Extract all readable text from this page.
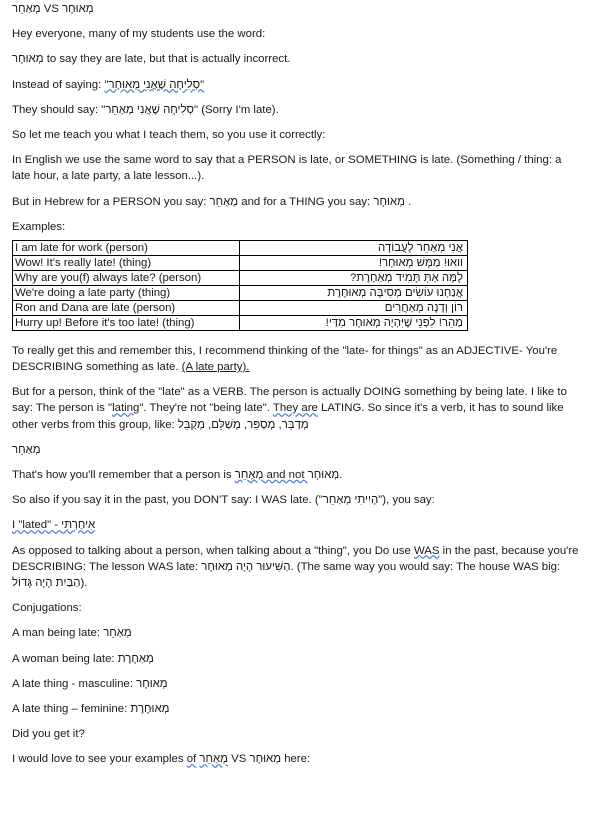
מְאַחֵר VS מְאוּחָר
Hey everyone, many of my students use the word:
מְאוּחָר to say they are late, but that is actually incorrect.
Instead of saying: "סְלִיחָה שֶׁאֲנִי מְאוּחָר"
They should say: "סְלִיחָה שֶׁאֲנִי מְאַחֵר" (Sorry I'm late).
So let me teach you what I teach them, so you use it correctly:
In English we use the same word to say that a PERSON is late, or SOMETHING is late. (Something / thing: a late hour, a late party, a late lesson...).
But in Hebrew for a PERSON you say: מְאַחֵר and for a THING you say: מְאוּחָר .
Examples:
I am late for work (person)	אֲנִי מְאַחֵר לָעֲבוֹדָה
Wow! It's really late! (thing)	וואוּ! מַמָּשׁ מְאוּחָר!
Why are you(f) always late? (person)	לָמָּה אַתְּ תָּמִיד מְאַחֶרֶת?
We're doing a late party (thing)	אֲנַחְנוּ עוֹשִׂים מְסִיבָּה מְאוּחֶרֶת
Ron and Dana are late (person)	רוֹן וְדָנָה מְאַחֲרִים
Hurry up! Before it's too late! (thing)	מַהֵר! לִפְנֵי שֶׁיִּהְיֶה מְאוּחָר מִדַּי!
To really get this and remember this, I recommend thinking of the "late- for things" as an ADJECTIVE- You're DESCRIBING something as late. (A late party).
But for a person, think of the "late" as a VERB. The person is actually DOING something by being late. I like to say: The person is "lating". They're not "being late". They are LATING. So since it's a verb, it has to sound like other verbs from this group, like: מְדַבֵּר, מְסַפֵּר, מְשַׁלֵּם, מְקַבֵּל
מְאַחֵר
That's how you'll remember that a person is מְאַחֵר and not מְאוּחָר.
So also if you say it in the past, you DON'T say: I WAS late. ("הָיִיתִי מְאַחֵר"), you say:
I "lated" - אִיחַרְתִּי
As opposed to talking about a person, when talking about a "thing", you Do use WAS in the past, because you're DESCRIBING: The lesson WAS late: הַשִּׁיעוּר הָיָה מְאוּחָר. (The same way you would say: The house WAS big: הַבַּיִת הָיָה גָּדוֹל).
Conjugations:
A man being late: מְאַחֵר
A woman being late: מְאַחֶרֶת
A late thing - masculine: מְאוּחָר
A late thing – feminine: מְאוּחֶרֶת
Did you get it?
I would love to see your examples of מְאַחֵר VS מְאוּחָר here:
